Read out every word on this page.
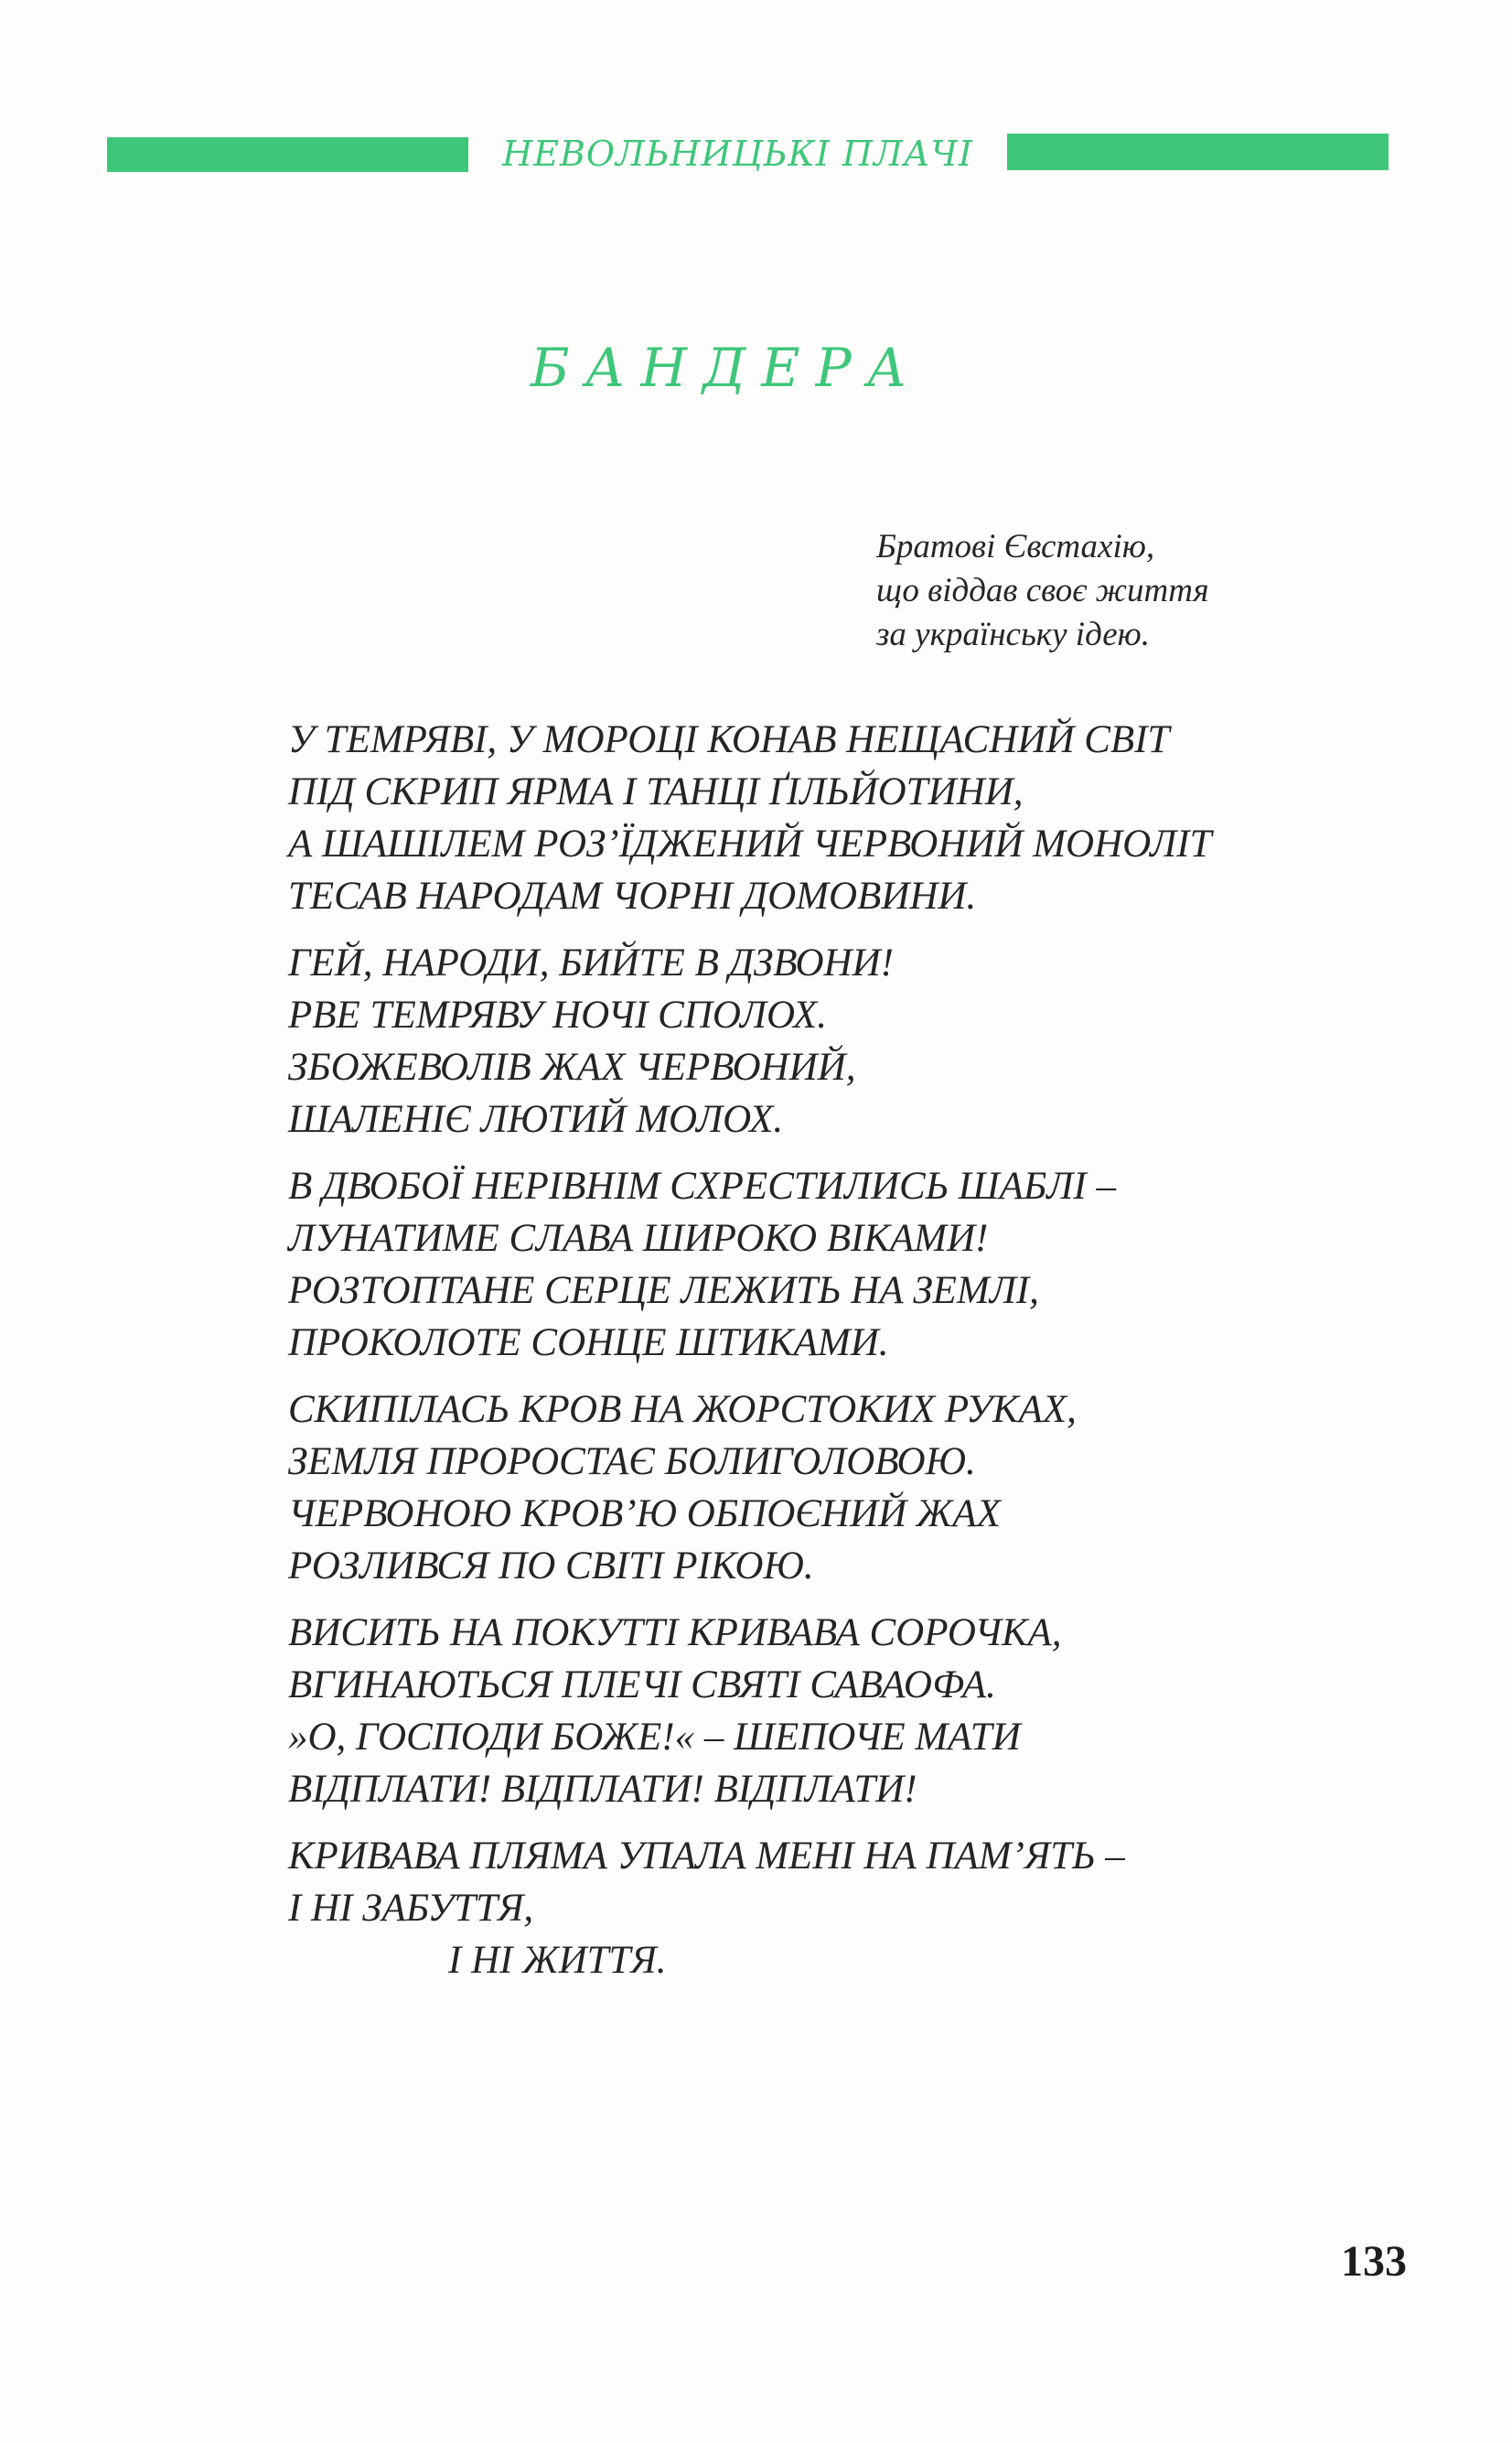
НЕВОЛЬНИЦЬКІ ПЛАЧІ
БАНДЕРА
Братові Євстахію,
що віддав своє життя
за українську ідею.
У ТЕМРЯВІ, У МОРОЦІ КОНАВ НЕЩАСНИЙ СВІТ
ПІД СКРИП ЯРМА І ТАНЦІ ҐІЛЬЙОТИНИ,
А ШАШІЛЕМ РОЗ’ЇДЖЕНИЙ ЧЕРВОНИЙ МОНОЛІТ
ТЕСАВ НАРОДАМ ЧОРНІ ДОМОВИНИ.
ГЕЙ, НАРОДИ, БИЙТЕ В ДЗВОНИ!
РВЕ ТЕМРЯВУ НОЧІ СПОЛОХ.
ЗБОЖЕВОЛІВ ЖАХ ЧЕРВОНИЙ,
ШАЛЕНІЄ ЛЮТИЙ МОЛОХ.
В ДВОБОЇ НЕРІВНІМ СХРЕСТИЛИСЬ ШАБЛІ –
ЛУНАТИМЕ СЛАВА ШИРОКО ВІКАМИ!
РОЗТОПТАНЕ СЕРЦЕ ЛЕЖИТЬ НА ЗЕМЛІ,
ПРОКОЛОТЕ СОНЦЕ ШТИКАМИ.
СКИПІЛАСЬ КРОВ НА ЖОРСТОКИХ РУКАХ,
ЗЕМЛЯ ПРОРОСТАЄ БОЛИГОЛОВОЮ.
ЧЕРВОНОЮ КРОВ’Ю ОБПОЄНИЙ ЖАХ
РОЗЛИВСЯ ПО СВІТІ РІКОЮ.
ВИСИТЬ НА ПОКУТТІ КРИВАВА СОРОЧКА,
ВГИНАЮТЬСЯ ПЛЕЧІ СВЯТІ САВАОФА.
»О, ГОСПОДИ БОЖЕ!« – ШЕПОЧЕ МАТИ
ВІДПЛАТИ! ВІДПЛАТИ! ВІДПЛАТИ!
КРИВАВА ПЛЯМА УПАЛА МЕНІ НА ПАМ’ЯТЬ –
І НІ ЗАБУТТЯ,
І НІ ЖИТТЯ.
133
